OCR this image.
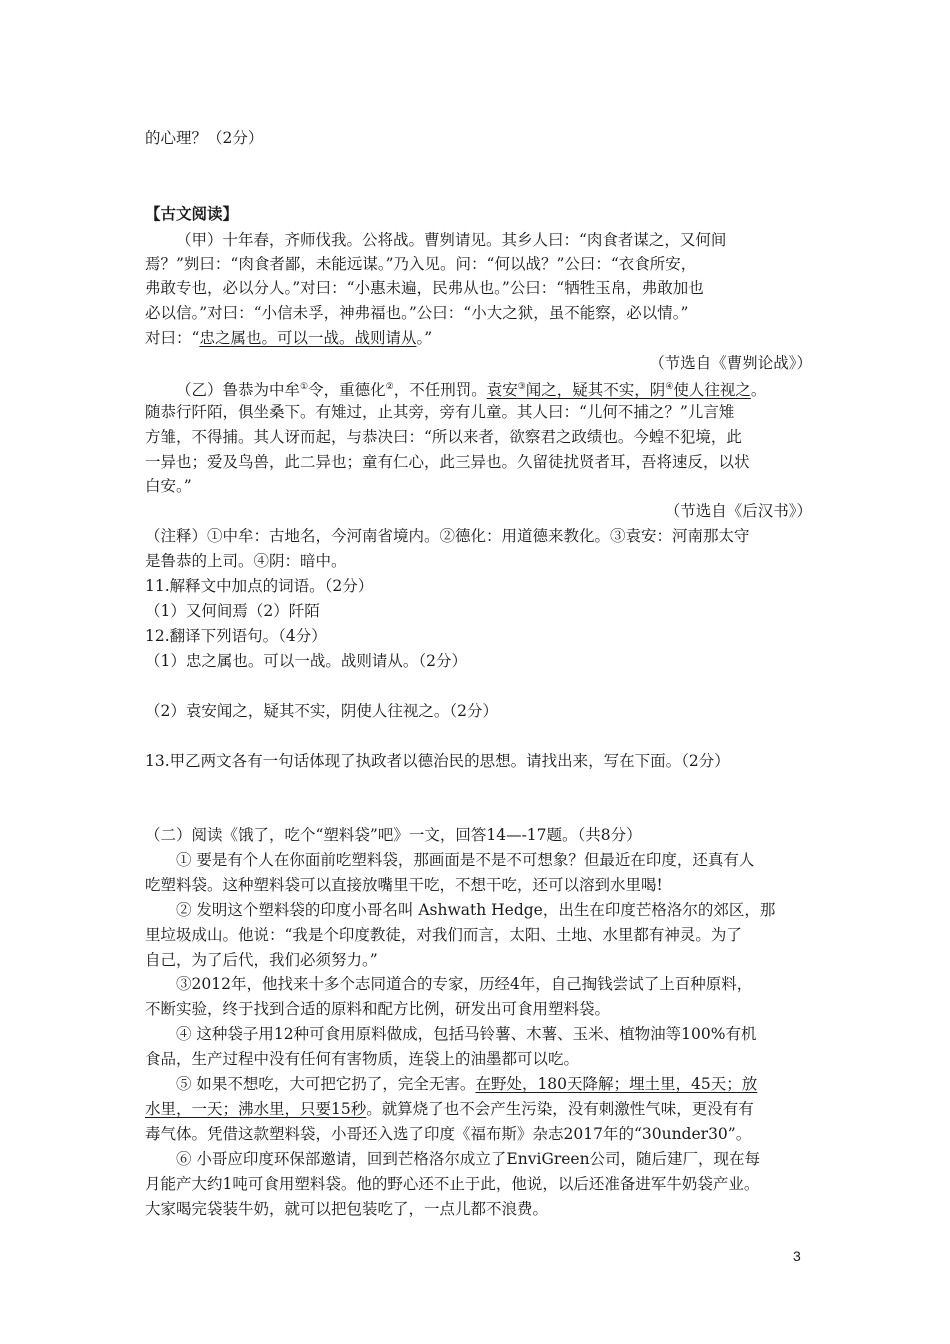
的心理？（2分）
【古文阅读】
（甲）十年春，齐师伐我。公将战。曹刿请见。其乡人曰：“肉食者谋之，又何间
焉？”刿曰：“肉食者鄙，未能远谋。”乃入见。问：“何以战？”公曰：“衣食所安，
弗敢专也，必以分人。”对曰：“小惠未遍，民弗从也。”公曰：“牺牲玉帛，弗敢加也
必以信。”对曰：“小信未孚，神弗福也。”公曰：“小大之狱，虽不能察，必以情。”
对曰：“忠之属也。可以一战。战则请从。”
（节选自《曹刿论战》）
（乙）鲁恭为中牟①令，重德化②，不任刑罚。袁安③闻之，疑其不实，阴④使人往视之。
随恭行阡陌，俱坐桑下。有雉过，止其旁，旁有儿童。其人曰：“儿何不捕之？”儿言雉
方雏，不得捕。其人讶而起，与恭决曰：“所以来者，欲察君之政绩也。今蝗不犯境，此
一异也；爱及鸟兽，此二异也；童有仁心，此三异也。久留徒扰贤者耳，吾将速反，以状
白安。”
（节选自《后汉书》）
（注释）①中牟：古地名，今河南省境内。②德化：用道德来教化。③袁安：河南那太守
是鲁恭的上司。④阴：暗中。
11.解释文中加点的词语。（2分）
（1）又何间焉（2）阡陌
12.翻译下列语句。（4分）
（1）忠之属也。可以一战。战则请从。（2分）
（2）袁安闻之，疑其不实，阴使人往视之。（2分）
13.甲乙两文各有一句话体现了执政者以德治民的思想。请找出来，写在下面。（2分）
（二）阅读《饿了，吃个“塑料袋”吧》一文，回答14—-17题。（共8分）
① 要是有个人在你面前吃塑料袋，那画面是不是不可想象？但最近在印度，还真有人
吃塑料袋。这种塑料袋可以直接放嘴里干吃，不想干吃，还可以溶到水里喝!
② 发明这个塑料袋的印度小哥名叫 Ashwath Hedge，出生在印度芒格洛尔的郊区，那
里垃圾成山。他说：“我是个印度教徒，对我们而言，太阳、土地、水里都有神灵。为了
自己，为了后代，我们必须努力。”
③2012年，他找来十多个志同道合的专家，历经4年，自己掏钱尝试了上百种原料，
不断实验，终于找到合适的原料和配方比例，研发出可食用塑料袋。
④ 这种袋子用12种可食用原料做成，包括马铃薯、木薯、玉米、植物油等100%有机
食品，生产过程中没有任何有害物质，连袋上的油墨都可以吃。
⑤ 如果不想吃，大可把它扔了，完全无害。在野处，180天降解；埋土里，45天；放
水里，一天；沸水里，只要15秒。就算烧了也不会产生污染，没有刺激性气味，更没有有
毒气体。凭借这款塑料袋，小哥还入选了印度《福布斯》杂志2017年的“30under30”。
⑥ 小哥应印度环保部邀请，回到芒格洛尔成立了EnviGreen公司，随后建厂，现在每
月能产大约1吨可食用塑料袋。他的野心还不止于此，他说，以后还准备进军牛奶袋产业。
大家喝完袋装牛奶，就可以把包装吃了，一点儿都不浪费。
3
